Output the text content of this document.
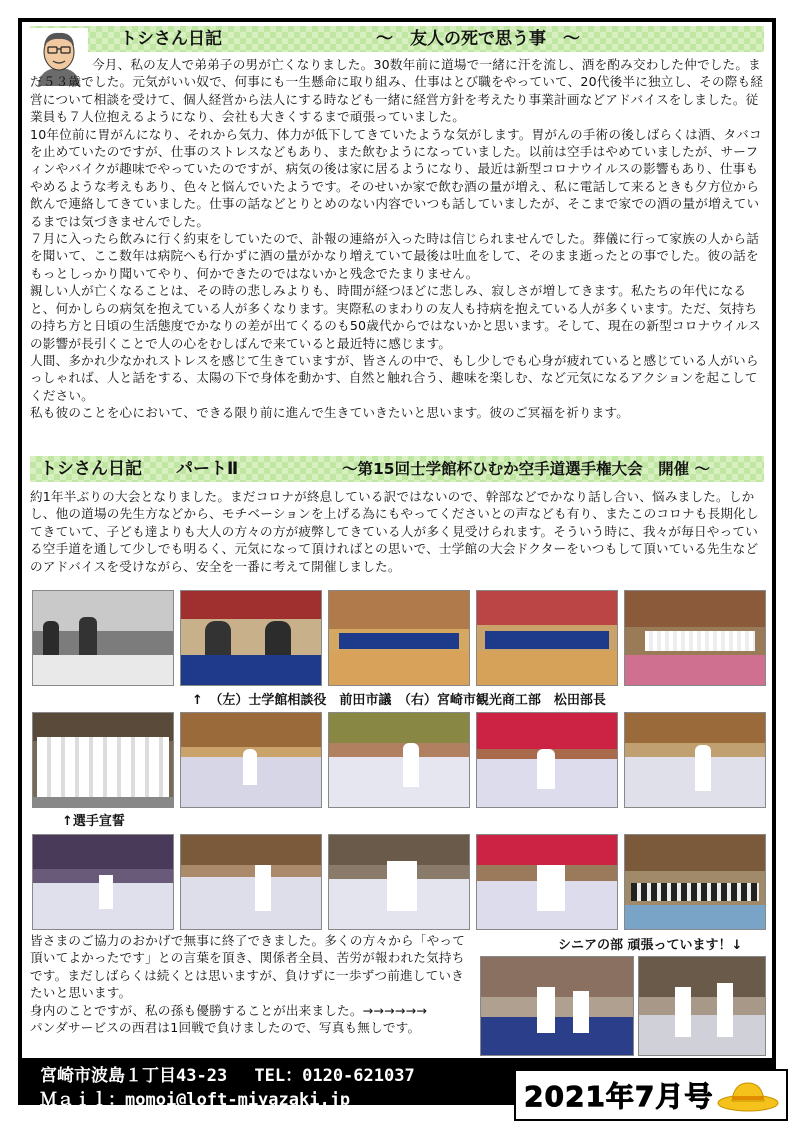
トシさん日記	～　友人の死で思う事　～

今月、私の友人で弟弟子の男が亡くなりました。30数年前に道場で一緒に汗を流し、酒を酌み交わした仲でした。まだ５３歳でした。元気がいい奴で、何事にも一生懸命に取り組み、仕事はとび職をやっていて、20代後半に独立し、その際も経営について相談を受けて、個人経営から法人にする時なども一緒に経営方針を考えたり事業計画などアドバイスをしました。従業員も７人位抱えるようになり、会社も大きくするまで頑張っていました。

10年位前に胃がんになり、それから気力、体力が低下してきていたような気がします。胃がんの手術の後しばらくは酒、タバコを止めていたのですが、仕事のストレスなどもあり、また飲むようになっていました。以前は空手はやめていましたが、サーフィンやバイクが趣味でやっていたのですが、病気の後は家に居るようになり、最近は新型コロナウイルスの影響もあり、仕事もやめるような考えもあり、色々と悩んでいたようです。そのせいか家で飲む酒の量が増え、私に電話して来るときも夕方位から飲んで連絡してきていました。仕事の話などとりとめのない内容でいつも話していましたが、そこまで家での酒の量が増えているまでは気づきませんでした。

７月に入ったら飲みに行く約束をしていたので、訃報の連絡が入った時は信じられませんでした。葬儀に行って家族の人から話を聞いて、ここ数年は病院へも行かずに酒の量がかなり増えていて最後は吐血をして、そのまま逝ったとの事でした。彼の話をもっとしっかり聞いてやり、何かできたのではないかと残念でたまりません。

親しい人が亡くなることは、その時の悲しみよりも、時間が経つほどに悲しみ、寂しさが増してきます。私たちの年代になると、何かしらの病気を抱えている人が多くなります。実際私のまわりの友人も持病を抱えている人が多くいます。ただ、気持ちの持ち方と日頃の生活態度でかなりの差が出てくるのも50歳代からではないかと思います。そして、現在の新型コロナウイルスの影響が長引くことで人の心をむしばんで来ていると最近特に感じます。

人間、多かれ少なかれストレスを感じて生きていますが、皆さんの中で、もし少しでも心身が疲れていると感じている人がいらっしゃれば、人と話をする、太陽の下で身体を動かす、自然と触れ合う、趣味を楽しむ、など元気になるアクションを起こしてください。

私も彼のことを心において、できる限り前に進んで生きていきたいと思います。彼のご冥福を祈ります。

トシさん日記　　パートⅡ	～第15回士学館杯ひむか空手道選手権大会　開催 ～
約1年半ぶりの大会となりました。まだコロナが終息している訳ではないので、幹部などでかなり話し合い、悩みました。しかし、他の道場の先生方などから、モチベーションを上げる為にもやってくださいとの声なども有り、またこのコロナも長期化してきていて、子ども達よりも大人の方々の方が疲弊してきている人が多く見受けられます。そういう時に、我々が毎日やっている空手道を通して少しでも明るく、元気になって頂ければとの思いで、士学館の大会ドクターをいつもして頂いている先生などのアドバイスを受けながら、安全を一番に考えて開催しました。
↑　（左）士学館相談役　前田市議　（右）宮崎市観光商工部　松田部長
↑選手宣誓

皆さまのご協力のおかげで無事に終了できました。多くの方々から「やって頂いてよかったです」との言葉を頂き、関係者全員、苦労が報われた気持ちです。まだしばらくは続くとは思いますが、負けずに一歩ずつ前進していきたいと思います。

身内のことですが、私の孫も優勝することが出来ました。→→→→→→

パンダサービスの西君は1回戦で負けましたので、写真も無しです。

シニアの部 頑張っています！↓
宮崎市波島１丁目43-23　 TEL：0120-621037
Ｍａｉｌ：momoi@loft-miyazaki.jp	2021年7月号
